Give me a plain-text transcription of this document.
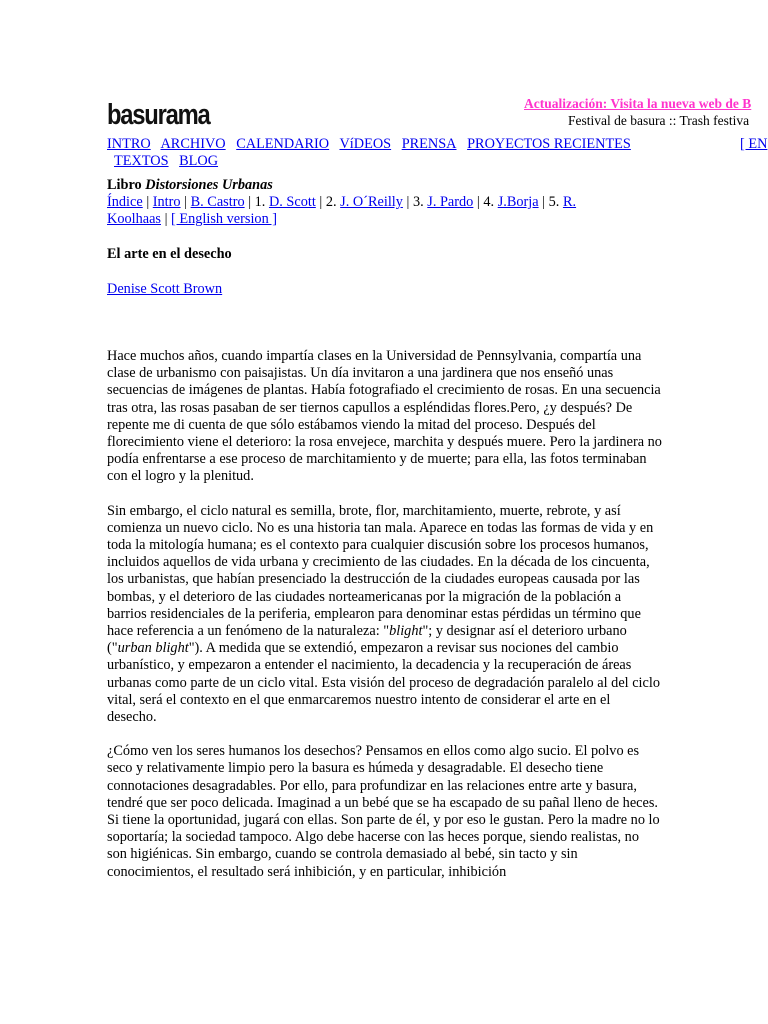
basurama	Actualización: Visita la nueva web de B
Festival de basura :: Trash festiva
INTRO ARCHIVO CALENDARIO VíDEOS PRENSA PROYECTOS RECIENTES
TEXTOS BLOG
[ EN
Libro Distorsiones Urbanas
Índice | Intro | B. Castro | 1. D. Scott | 2. J. O´Reilly | 3. J. Pardo | 4. J.Borja | 5. R.
Koolhaas | [ English version ]
El arte en el desecho
Denise Scott Brown

Hace muchos años, cuando impartía clases en la Universidad de Pennsylvania, compartía una clase de urbanismo con paisajistas. Un día invitaron a una jardinera que nos enseñó unas secuencias de imágenes de plantas. Había fotografiado el crecimiento de rosas. En una secuencia tras otra, las rosas pasaban de ser tiernos capullos a espléndidas flores.Pero, ¿y después? De repente me di cuenta de que sólo estábamos viendo la mitad del proceso. Después del florecimiento viene el deterioro: la rosa envejece, marchita y después muere. Pero la jardinera no podía enfrentarse a ese proceso de marchitamiento y de muerte; para ella, las fotos terminaban con el logro y la plenitud.

Sin embargo, el ciclo natural es semilla, brote, flor, marchitamiento, muerte, rebrote, y así comienza un nuevo ciclo. No es una historia tan mala. Aparece en todas las formas de vida y en toda la mitología humana; es el contexto para cualquier discusión sobre los procesos humanos, incluidos aquellos de vida urbana y crecimiento de las ciudades. En la década de los cincuenta, los urbanistas, que habían presenciado la destrucción de la ciudades europeas causada por las bombas, y el deterioro de las ciudades norteamericanas por la migración de la población a barrios residenciales de la periferia, emplearon para denominar estas pérdidas un término que hace referencia a un fenómeno de la naturaleza: "blight"; y designar así el deterioro urbano ("urban blight"). A medida que se extendió, empezaron a revisar sus nociones del cambio urbanístico, y empezaron a entender el nacimiento, la decadencia y la recuperación de áreas urbanas como parte de un ciclo vital. Esta visión del proceso de degradación paralelo al del ciclo vital, será el contexto en el que enmarcaremos nuestro intento de considerar el arte en el desecho.

¿Cómo ven los seres humanos los desechos? Pensamos en ellos como algo sucio. El polvo es seco y relativamente limpio pero la basura es húmeda y desagradable. El desecho tiene connotaciones desagradables. Por ello, para profundizar en las relaciones entre arte y basura, tendré que ser poco delicada. Imaginad a un bebé que se ha escapado de su pañal lleno de heces. Si tiene la oportunidad, jugará con ellas. Son parte de él, y por eso le gustan. Pero la madre no lo soportaría; la sociedad tampoco. Algo debe hacerse con las heces porque, siendo realistas, no son higiénicas. Sin embargo, cuando se controla demasiado al bebé, sin tacto y sin conocimientos, el resultado será inhibición, y en particular, inhibición
